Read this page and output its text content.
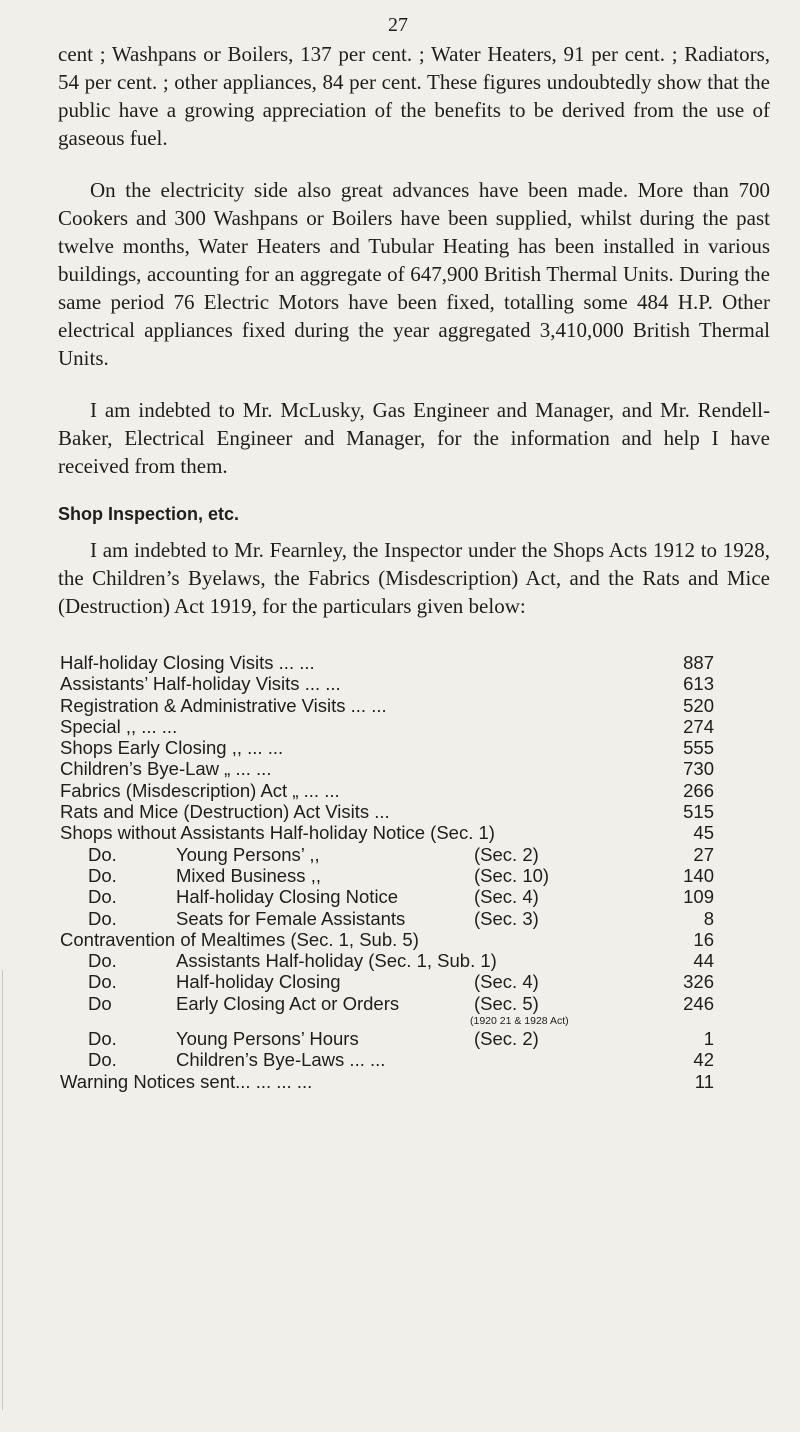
27

cent ; Washpans or Boilers, 137 per cent. ; Water Heaters, 91 per cent. ; Radiators, 54 per cent. ; other appliances, 84 per cent. These figures undoubtedly show that the public have a growing appreciation of the benefits to be derived from the use of gaseous fuel.

On the electricity side also great advances have been made. More than 700 Cookers and 300 Washpans or Boilers have been supplied, whilst during the past twelve months, Water Heaters and Tubular Heating has been installed in various buildings, accounting for an aggregate of 647,900 British Thermal Units. During the same period 76 Electric Motors have been fixed, totalling some 484 H.P. Other electrical appliances fixed during the year aggregated 3,410,000 British Thermal Units.

I am indebted to Mr. McLusky, Gas Engineer and Manager, and Mr. Rendell-Baker, Electrical Engineer and Manager, for the information and help I have received from them.

Shop Inspection, etc.

I am indebted to Mr. Fearnley, the Inspector under the Shops Acts 1912 to 1928, the Children’s Byelaws, the Fabrics (Misdescription) Act, and the Rats and Mice (Destruction) Act 1919, for the particulars given below:

Half-holiday Closing Visits ... ...	887
Assistants’ Half-holiday Visits ... ...	613
Registration & Administrative Visits ... ...	520
Special ,, ... ...	274
Shops Early Closing ,, ... ...	555
Children’s Bye-Law „ ... ...	730
Fabrics (Misdescription) Act „ ... ...	266
Rats and Mice (Destruction) Act Visits ...	515
Shops without Assistants Half-holiday Notice (Sec. 1)	45
Do.	Young Persons’ ,,	(Sec. 2)	27
Do.	Mixed Business ,,	(Sec. 10)	140
Do.	Half-holiday Closing Notice	(Sec. 4)	109
Do.	Seats for Female Assistants	(Sec. 3)	8
Contravention of Mealtimes (Sec. 1, Sub. 5)	16
Do.	Assistants Half-holiday (Sec. 1, Sub. 1)	44
Do.	Half-holiday Closing	(Sec. 4)	326
Do	Early Closing Act or Orders	(Sec. 5)	246
(1920 21 & 1928 Act)
Do.	Young Persons’ Hours	(Sec. 2)	1
Do.	Children’s Bye-Laws ... ...	42
Warning Notices sent... ... ... ...	11
